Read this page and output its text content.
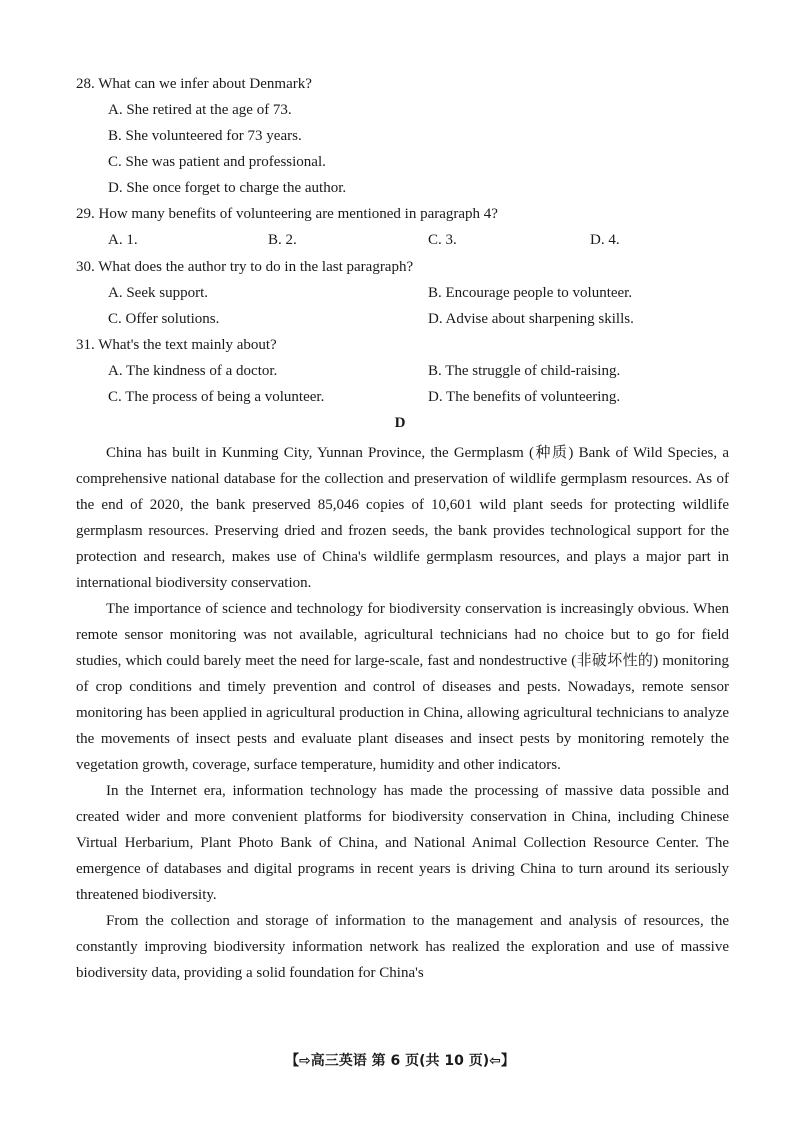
28. What can we infer about Denmark?
A. She retired at the age of 73.
B. She volunteered for 73 years.
C. She was patient and professional.
D. She once forget to charge the author.
29. How many benefits of volunteering are mentioned in paragraph 4?
A. 1.	B. 2.	C. 3.	D. 4.
30. What does the author try to do in the last paragraph?
A. Seek support.	B. Encourage people to volunteer.
C. Offer solutions.	D. Advise about sharpening skills.
31. What's the text mainly about?
A. The kindness of a doctor.	B. The struggle of child-raising.
C. The process of being a volunteer.	D. The benefits of volunteering.
D

China has built in Kunming City, Yunnan Province, the Germplasm (种质) Bank of Wild Species, a comprehensive national database for the collection and preservation of wildlife germplasm resources. As of the end of 2020, the bank preserved 85,046 copies of 10,601 wild plant seeds for protecting wildlife germplasm resources. Preserving dried and frozen seeds, the bank provides technological support for the protection and research, makes use of China's wildlife germplasm resources, and plays a major part in international biodiversity conservation.

The importance of science and technology for biodiversity conservation is increasingly obvious. When remote sensor monitoring was not available, agricultural technicians had no choice but to go for field studies, which could barely meet the need for large-scale, fast and nondestructive (非破坏性的) monitoring of crop conditions and timely prevention and control of diseases and pests. Nowadays, remote sensor monitoring has been applied in agricultural production in China, allowing agricultural technicians to analyze the movements of insect pests and evaluate plant diseases and insect pests by monitoring remotely the vegetation growth, coverage, surface temperature, humidity and other indicators.

In the Internet era, information technology has made the processing of massive data possible and created wider and more convenient platforms for biodiversity conservation in China, including Chinese Virtual Herbarium, Plant Photo Bank of China, and National Animal Collection Resource Center. The emergence of databases and digital programs in recent years is driving China to turn around its seriously threatened biodiversity.

From the collection and storage of information to the management and analysis of resources, the constantly improving biodiversity information network has realized the exploration and use of massive biodiversity data, providing a solid foundation for China's

【⇨高三英语 第 6 页(共 10 页)⇦】
